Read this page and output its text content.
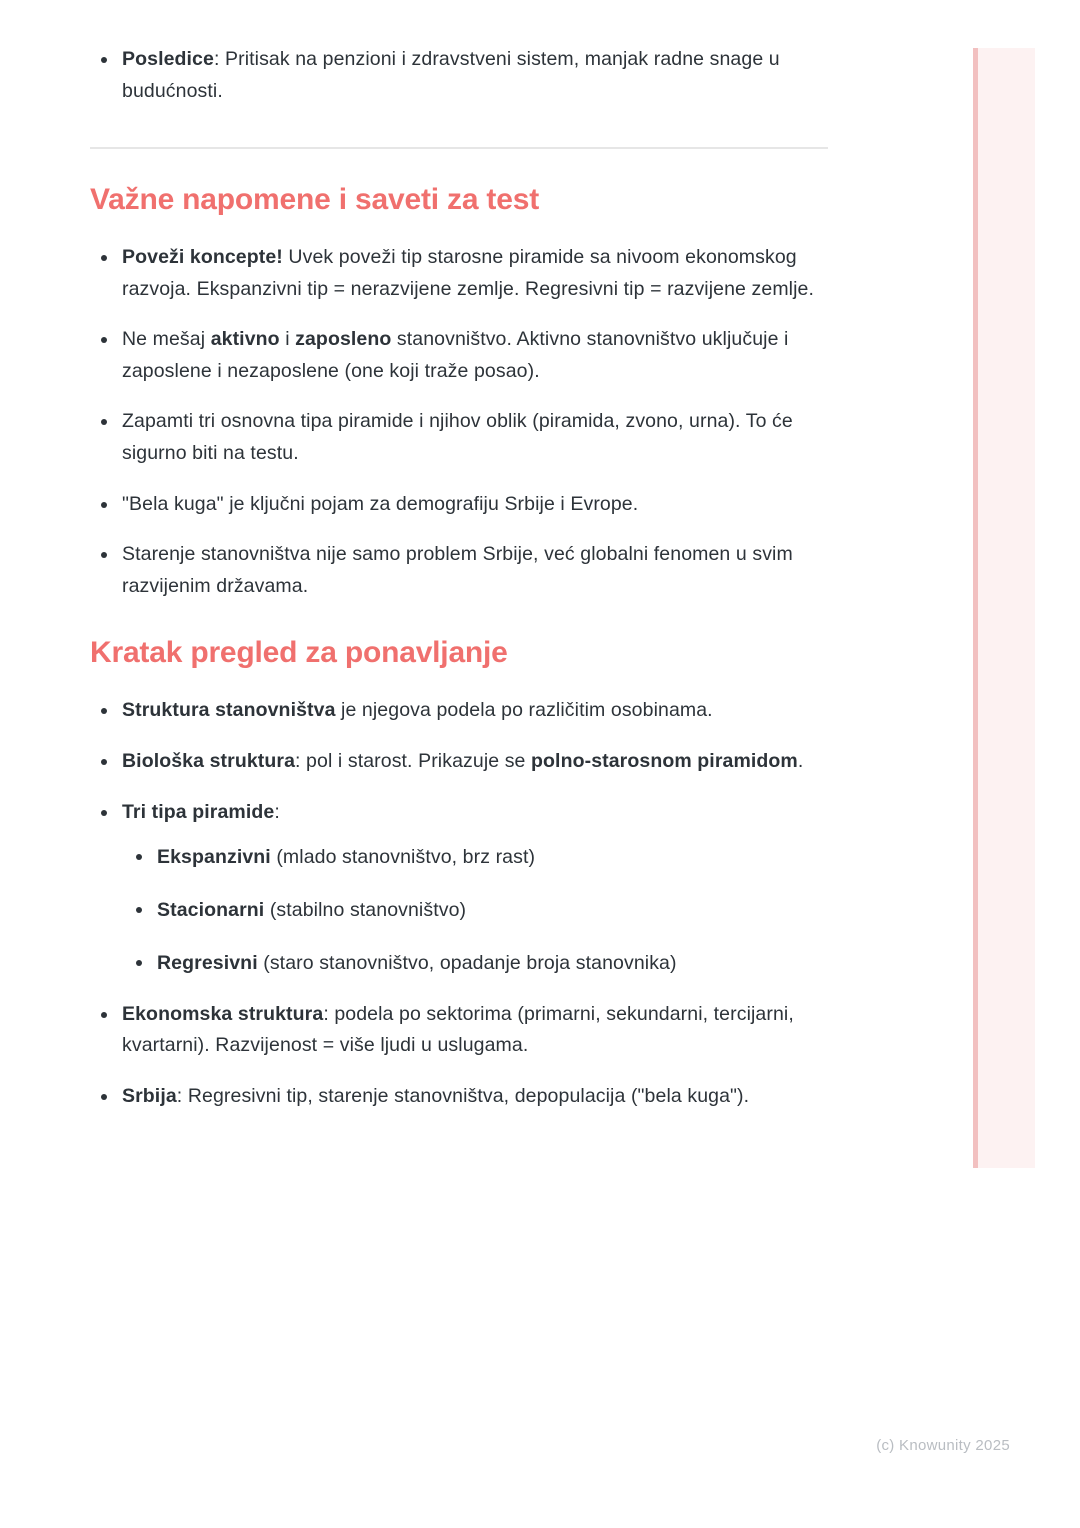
Posledice: Pritisak na penzioni i zdravstveni sistem, manjak radne snage u budućnosti.
Važne napomene i saveti za test
Poveži koncepte! Uvek poveži tip starosne piramide sa nivoom ekonomskog razvoja. Ekspanzivni tip = nerazvijene zemlje. Regresivni tip = razvijene zemlje.
Ne mešaj aktivno i zaposleno stanovništvo. Aktivno stanovništvo uključuje i zaposlene i nezaposlene (one koji traže posao).
Zapamti tri osnovna tipa piramide i njihov oblik (piramida, zvono, urna). To će sigurno biti na testu.
"Bela kuga" je ključni pojam za demografiju Srbije i Evrope.
Starenje stanovništva nije samo problem Srbije, već globalni fenomen u svim razvijenim državama.
Kratak pregled za ponavljanje
Struktura stanovništva je njegova podela po različitim osobinama.
Biološka struktura: pol i starost. Prikazuje se polno-starosnom piramidom.
Tri tipa piramide:
Ekspanzivni (mlado stanovništvo, brz rast)
Stacionarni (stabilno stanovništvo)
Regresivni (staro stanovništvo, opadanje broja stanovnika)
Ekonomska struktura: podela po sektorima (primarni, sekundarni, tercijarni, kvartarni). Razvijenost = više ljudi u uslugama.
Srbija: Regresivni tip, starenje stanovništva, depopulacija ("bela kuga").
(c) Knowunity 2025
